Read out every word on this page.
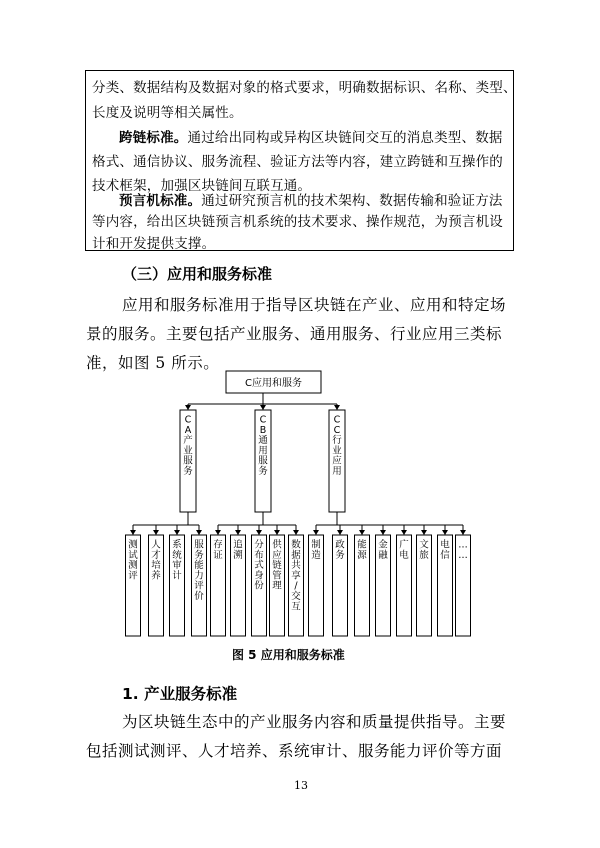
分类、数据结构及数据对象的格式要求，明确数据标识、名称、类型、
长度及说明等相关属性。
跨链标准。通过给出同构或异构区块链间交互的消息类型、数据
格式、通信协议、服务流程、验证方法等内容，建立跨链和互操作的
技术框架，加强区块链间互联互通。
预言机标准。通过研究预言机的技术架构、数据传输和验证方法
等内容，给出区块链预言机系统的技术要求、操作规范，为预言机设
计和开发提供支撑。
（三）应用和服务标准
应用和服务标准用于指导区块链在产业、应用和特定场
景的服务。主要包括产业服务、通用服务、行业应用三类标
准，如图 5 所示。
C应用和服务
C
A
产
业
服
务
C
B
通
用
服
务
C
C
行
业
应
用
测
试
测
评
人
才
培
养
系
统
审
计
服
务
能
力
评
价
存
证
追
溯
分
布
式
身
份
供
应
链
管
理
数
据
共
享
/
交
互
制
造
政
务
能
源
金
融
广
电
文
旅
电
信
…
…
图 5 应用和服务标准
1. 产业服务标准
为区块链生态中的产业服务内容和质量提供指导。主要
包括测试测评、人才培养、系统审计、服务能力评价等方面
13
